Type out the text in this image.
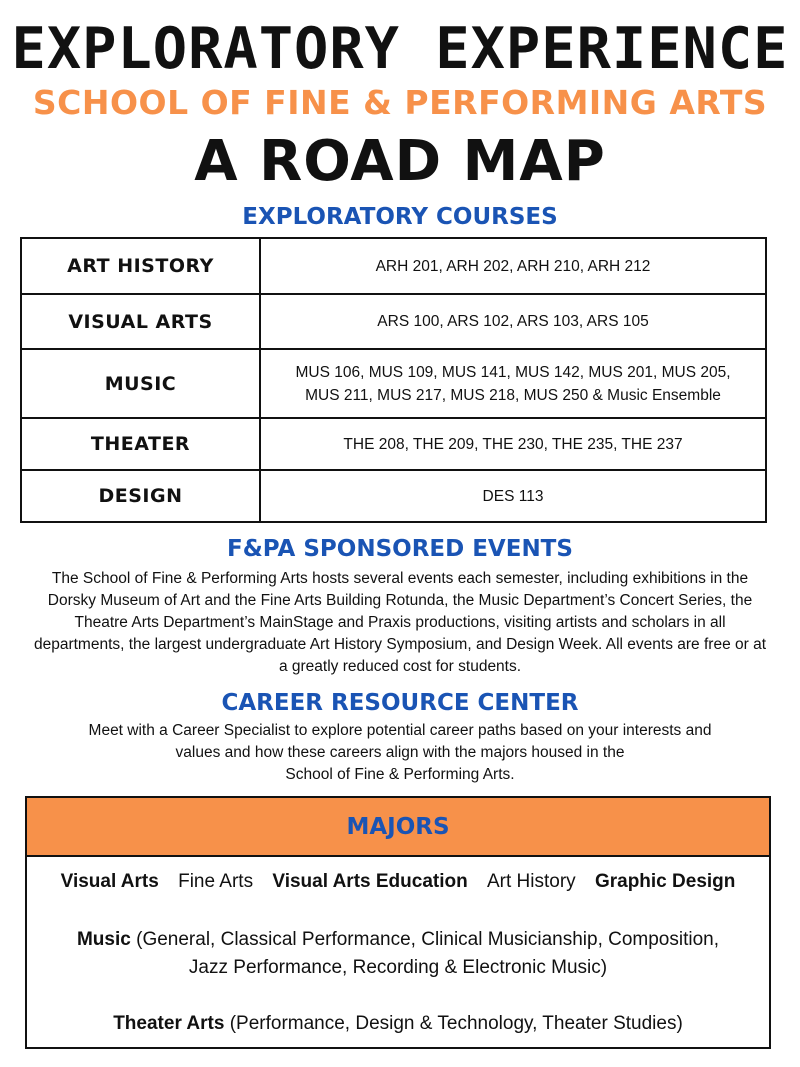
EXPLORATORY EXPERIENCE
SCHOOL OF FINE & PERFORMING ARTS
A ROAD MAP
EXPLORATORY COURSES
ART HISTORY	ARH 201, ARH 202, ARH 210, ARH 212
VISUAL ARTS	ARS 100, ARS 102, ARS 103, ARS 105
MUSIC	MUS 106, MUS 109, MUS 141, MUS 142, MUS 201, MUS 205,
MUS 211, MUS 217, MUS 218, MUS 250 & Music Ensemble

THEATER	THE 208, THE 209, THE 230, THE 235, THE 237
DESIGN	DES 113
F&PA SPONSORED EVENTS

The School of Fine & Performing Arts hosts several events each semester, including exhibitions in the Dorsky Museum of Art and the Fine Arts Building Rotunda, the Music Department’s Concert Series, the Theatre Arts Department’s MainStage and Praxis productions, visiting artists and scholars in all departments, the largest undergraduate Art History Symposium, and Design Week. All events are free or at a greatly reduced cost for students.

CAREER RESOURCE CENTER
Meet with a Career Specialist to explore potential career paths based on your interests and
values and how these careers align with the majors housed in the
School of Fine & Performing Arts.
MAJORS

Visual Arts Fine Arts Visual Arts Education Art History Graphic Design

Music (General, Classical Performance, Clinical Musicianship, Composition,
Jazz Performance, Recording & Electronic Music)

Theater Arts (Performance, Design & Technology, Theater Studies)
